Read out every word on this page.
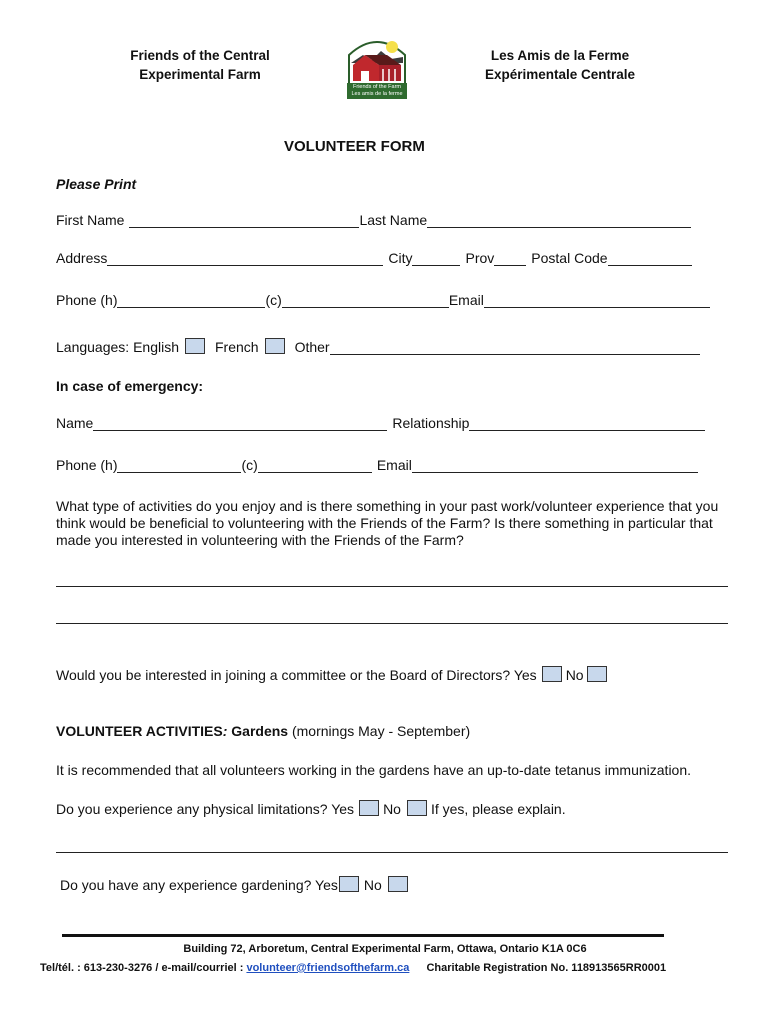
Friends of the Central
Experimental Farm
Les Amis de la Ferme
Expérimentale Centrale
Friends of the Farm
Les amis de la ferme
VOLUNTEER FORM
Please Print
First Name	Last Name
Address	City	Prov	Postal Code
Phone (h)	(c)	Email
Languages: English	French	Other
In case of emergency:
Name	Relationship
Phone (h)	(c)	Email
What type of activities do you enjoy and is there something in your past work/volunteer experience that you think would be beneficial to volunteering with the Friends of the Farm? Is there something in particular that made you interested in volunteering with the Friends of the Farm?
Would you be interested in joining a committee or the Board of Directors? Yes No
VOLUNTEER ACTIVITIES: Gardens (mornings May - September)
It is recommended that all volunteers working in the gardens have an up-to-date tetanus immunization.
Do you experience any physical limitations? Yes No If yes, please explain.
Do you have any experience gardening? Yes No
Building 72, Arboretum, Central Experimental Farm, Ottawa, Ontario K1A 0C6
Tel/tél. : 613-230-3276 / e-mail/courriel : volunteer@friendsofthefarm.ca Charitable Registration No. 118913565RR0001
